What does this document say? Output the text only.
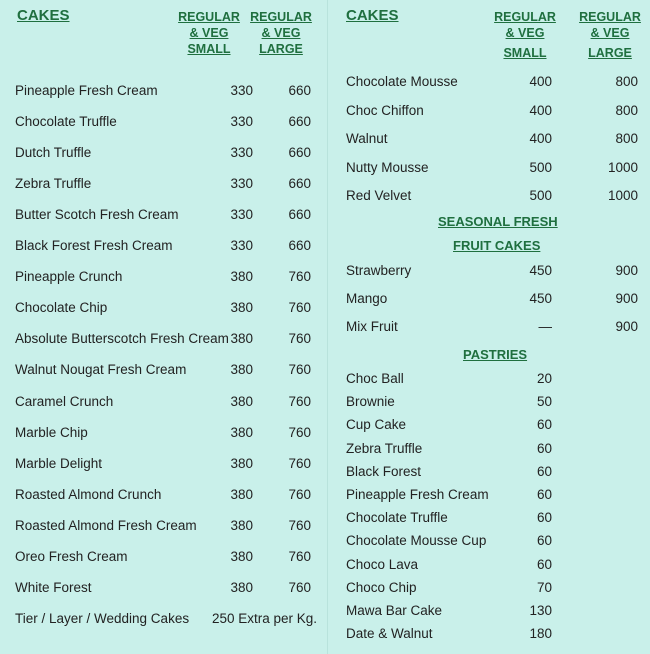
CAKES	REGULAR
& VEG
SMALL
REGULAR
& VEG
LARGE
Pineapple Fresh Cream	330	660
Chocolate Truffle	330	660
Dutch Truffle	330	660
Zebra Truffle	330	660
Butter Scotch Fresh Cream	330	660
Black Forest Fresh Cream	330	660
Pineapple Crunch	380	760
Chocolate Chip	380	760
Absolute Butterscotch Fresh Cream 380	760
Walnut Nougat Fresh Cream	380	760
Caramel Crunch	380	760
Marble Chip	380	760
Marble Delight	380	760
Roasted Almond Crunch	380	760
Roasted Almond Fresh Cream	380	760
Oreo Fresh Cream	380	760
White Forest	380	760
Tier / Layer / Wedding Cakes 250 Extra per Kg.
CAKES	REGULAR
& VEG
SMALL
REGULAR
& VEG
LARGE
Chocolate Mousse	400	800
Choc Chiffon	400	800
Walnut	400	800
Nutty Mousse	500	1000
Red Velvet	500	1000
SEASONAL FRESH
FRUIT CAKES
Strawberry	450	900
Mango	450	900
Mix Fruit	—	900
PASTRIES
Choc Ball	20
Brownie	50
Cup Cake	60
Zebra Truffle	60
Black Forest	60
Pineapple Fresh Cream	60
Chocolate Truffle	60
Chocolate Mousse Cup	60
Choco Lava	60
Choco Chip	70
Mawa Bar Cake	130
Date & Walnut	180
